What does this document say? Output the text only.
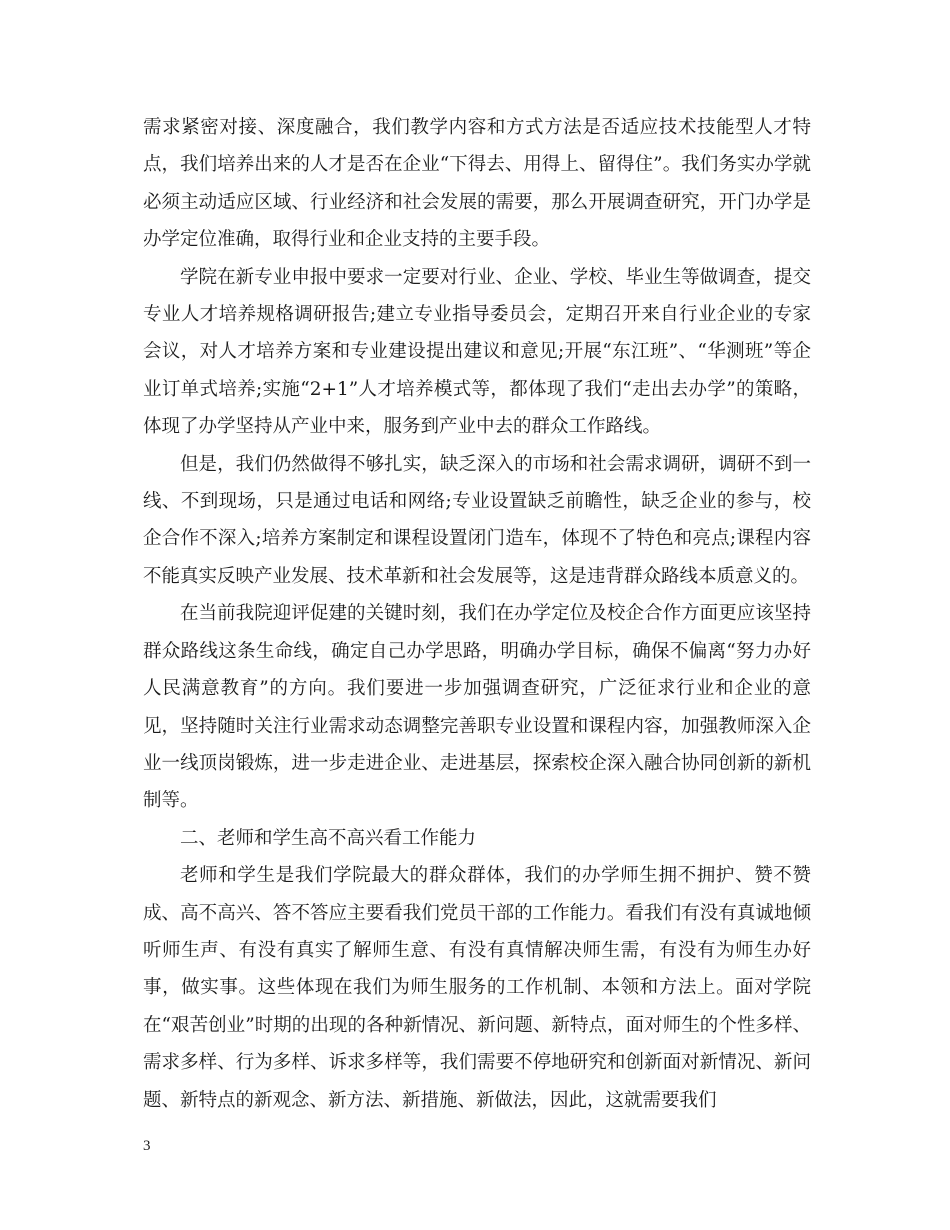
需求紧密对接、深度融合，我们教学内容和方式方法是否适应技术技能型人才特点，我们培养出来的人才是否在企业“下得去、用得上、留得住”。我们务实办学就必须主动适应区域、行业经济和社会发展的需要，那么开展调查研究，开门办学是办学定位准确，取得行业和企业支持的主要手段。

学院在新专业申报中要求一定要对行业、企业、学校、毕业生等做调查，提交专业人才培养规格调研报告;建立专业指导委员会，定期召开来自行业企业的专家会议，对人才培养方案和专业建设提出建议和意见;开展“东江班”、“华测班”等企业订单式培养;实施“2+1”人才培养模式等，都体现了我们“走出去办学”的策略，体现了办学坚持从产业中来，服务到产业中去的群众工作路线。

但是，我们仍然做得不够扎实，缺乏深入的市场和社会需求调研，调研不到一线、不到现场，只是通过电话和网络;专业设置缺乏前瞻性，缺乏企业的参与，校企合作不深入;培养方案制定和课程设置闭门造车，体现不了特色和亮点;课程内容不能真实反映产业发展、技术革新和社会发展等，这是违背群众路线本质意义的。

在当前我院迎评促建的关键时刻，我们在办学定位及校企合作方面更应该坚持群众路线这条生命线，确定自己办学思路，明确办学目标，确保不偏离“努力办好人民满意教育”的方向。我们要进一步加强调查研究，广泛征求行业和企业的意见，坚持随时关注行业需求动态调整完善职专业设置和课程内容，加强教师深入企业一线顶岗锻炼，进一步走进企业、走进基层，探索校企深入融合协同创新的新机制等。

二、老师和学生高不高兴看工作能力

老师和学生是我们学院最大的群众群体，我们的办学师生拥不拥护、赞不赞成、高不高兴、答不答应主要看我们党员干部的工作能力。看我们有没有真诚地倾听师生声、有没有真实了解师生意、有没有真情解决师生需，有没有为师生办好事，做实事。这些体现在我们为师生服务的工作机制、本领和方法上。面对学院在“艰苦创业”时期的出现的各种新情况、新问题、新特点，面对师生的个性多样、需求多样、行为多样、诉求多样等，我们需要不停地研究和创新面对新情况、新问题、新特点的新观念、新方法、新措施、新做法，因此，这就需要我们

3
